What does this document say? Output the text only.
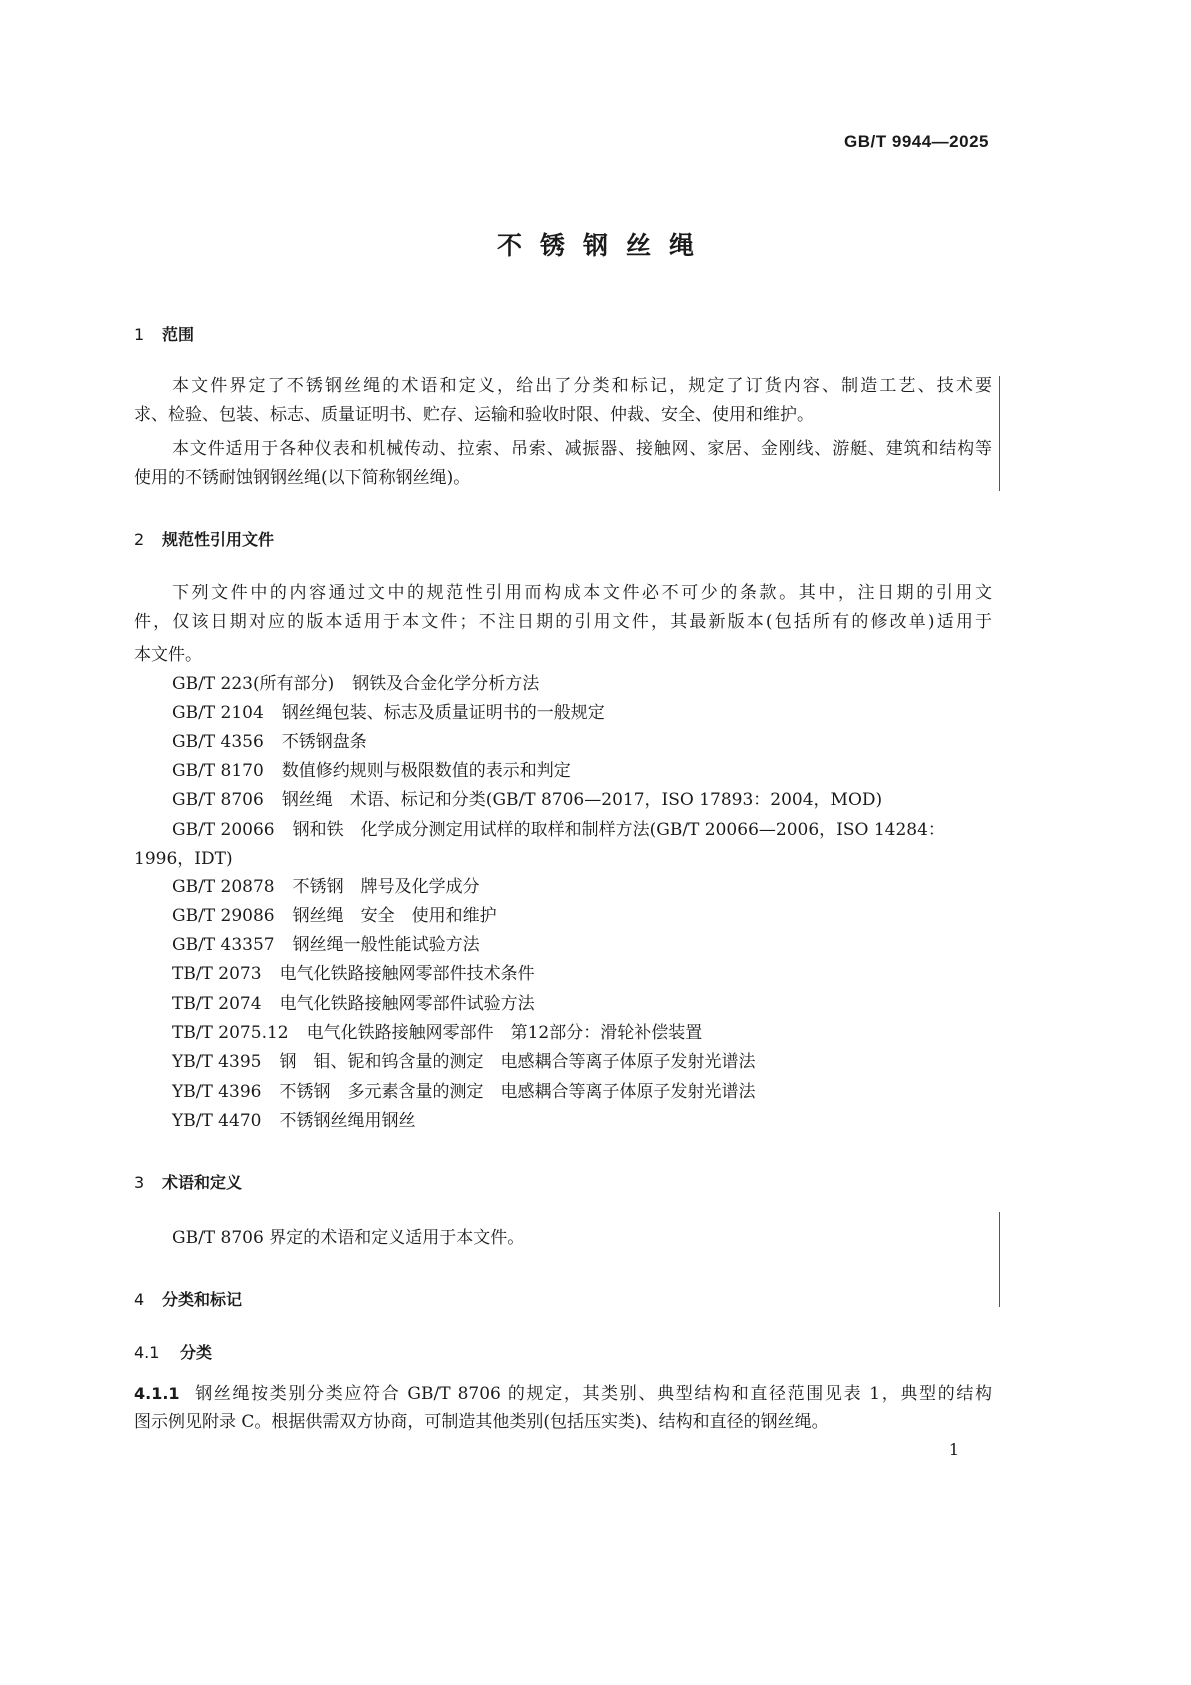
GB/T 9944—2025
不锈钢丝绳
1 范围
本文件界定了不锈钢丝绳的术语和定义，给出了分类和标记，规定了订货内容、制造工艺、技术要
求、检验、包装、标志、质量证明书、贮存、运输和验收时限、仲裁、安全、使用和维护。
本文件适用于各种仪表和机械传动、拉索、吊索、减振器、接触网、家居、金刚线、游艇、建筑和结构等
使用的不锈耐蚀钢钢丝绳(以下简称钢丝绳)。
2 规范性引用文件
下列文件中的内容通过文中的规范性引用而构成本文件必不可少的条款。其中，注日期的引用文
件，仅该日期对应的版本适用于本文件；不注日期的引用文件，其最新版本(包括所有的修改单)适用于
本文件。
GB/T 223(所有部分) 钢铁及合金化学分析方法
GB/T 2104 钢丝绳包装、标志及质量证明书的一般规定
GB/T 4356 不锈钢盘条
GB/T 8170 数值修约规则与极限数值的表示和判定
GB/T 8706 钢丝绳　术语、标记和分类(GB/T 8706—2017，ISO 17893：2004，MOD)
GB/T 20066 钢和铁　化学成分测定用试样的取样和制样方法(GB/T 20066—2006，ISO 14284：
1996，IDT)
GB/T 20878 不锈钢　牌号及化学成分
GB/T 29086 钢丝绳　安全　使用和维护
GB/T 43357 钢丝绳一般性能试验方法
TB/T 2073 电气化铁路接触网零部件技术条件
TB/T 2074 电气化铁路接触网零部件试验方法
TB/T 2075.12 电气化铁路接触网零部件　第12部分：滑轮补偿装置
YB/T 4395 钢　钼、铌和钨含量的测定　电感耦合等离子体原子发射光谱法
YB/T 4396 不锈钢　多元素含量的测定　电感耦合等离子体原子发射光谱法
YB/T 4470 不锈钢丝绳用钢丝
3 术语和定义
GB/T 8706 界定的术语和定义适用于本文件。
4 分类和标记
4.1 分类
4.1.1 钢丝绳按类别分类应符合 GB/T 8706 的规定，其类别、典型结构和直径范围见表 1，典型的结构
图示例见附录 C。根据供需双方协商，可制造其他类别(包括压实类)、结构和直径的钢丝绳。
1
